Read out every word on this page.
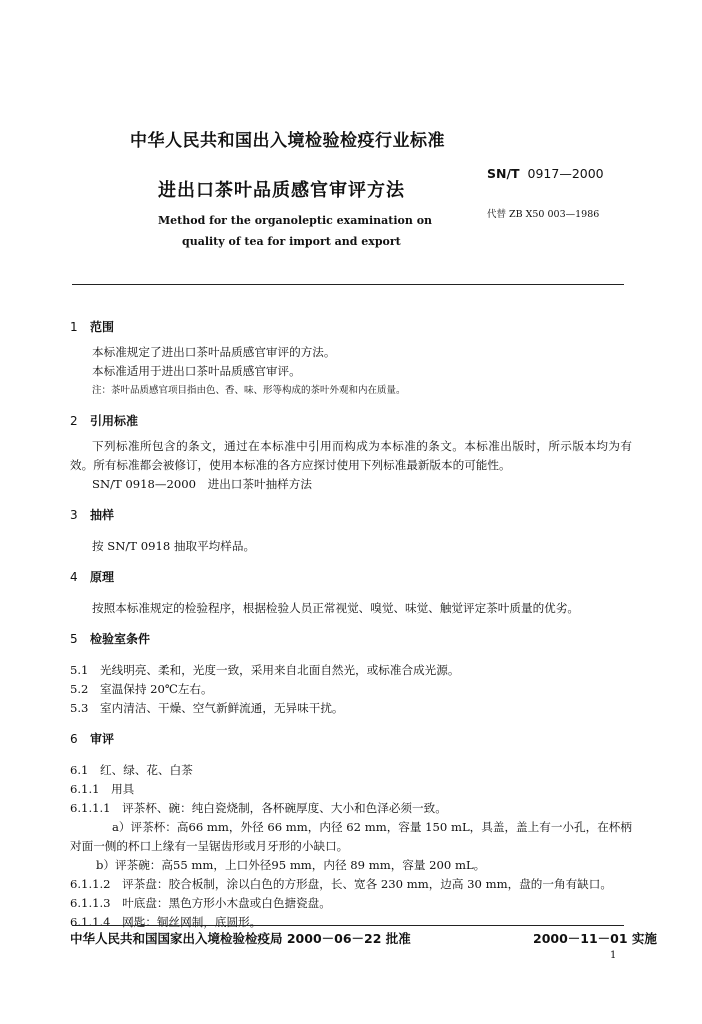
中华人民共和国出入境检验检疫行业标准
进出口茶叶品质感官审评方法
SN/T 0917—2000
代替 ZB X50 003—1986
Method for the organoleptic examination on
quality of tea for import and export
1 范围

本标准规定了进出口茶叶品质感官审评的方法。

本标准适用于进出口茶叶品质感官审评。

注：茶叶品质感官项目指由色、香、味、形等构成的茶叶外观和内在质量。

2 引用标准

下列标准所包含的条文，通过在本标准中引用而构成为本标准的条文。本标准出版时，所示版本均为有效。所有标准都会被修订，使用本标准的各方应探讨使用下列标准最新版本的可能性。

SN/T 0918—2000　进出口茶叶抽样方法

3 抽样

按 SN/T 0918 抽取平均样品。

4 原理

按照本标准规定的检验程序，根据检验人员正常视觉、嗅觉、味觉、触觉评定茶叶质量的优劣。

5 检验室条件

5.1　光线明亮、柔和，光度一致，采用来自北面自然光，或标准合成光源。

5.2　室温保持 20℃左右。

5.3　室内清洁、干燥、空气新鲜流通，无异味干扰。

6 审评

6.1　红、绿、花、白茶

6.1.1　用具

6.1.1.1　评茶杯、碗：纯白瓷烧制，各杯碗厚度、大小和色泽必须一致。

a）评茶杯：高66 mm，外径 66 mm，内径 62 mm，容量 150 mL，具盖，盖上有一小孔，在杯柄对面一侧的杯口上缘有一呈锯齿形或月牙形的小缺口。

b）评茶碗：高55 mm，上口外径95 mm，内径 89 mm，容量 200 mL。

6.1.1.2　评茶盘：胶合板制，涂以白色的方形盘，长、宽各 230 mm，边高 30 mm，盘的一角有缺口。

6.1.1.3　叶底盘：黑色方形小木盘或白色搪瓷盘。

6.1.1.4　网匙：铜丝网制，底圆形。

中华人民共和国国家出入境检验检疫局 2000－06－22 批准	2000－11－01 实施
1
